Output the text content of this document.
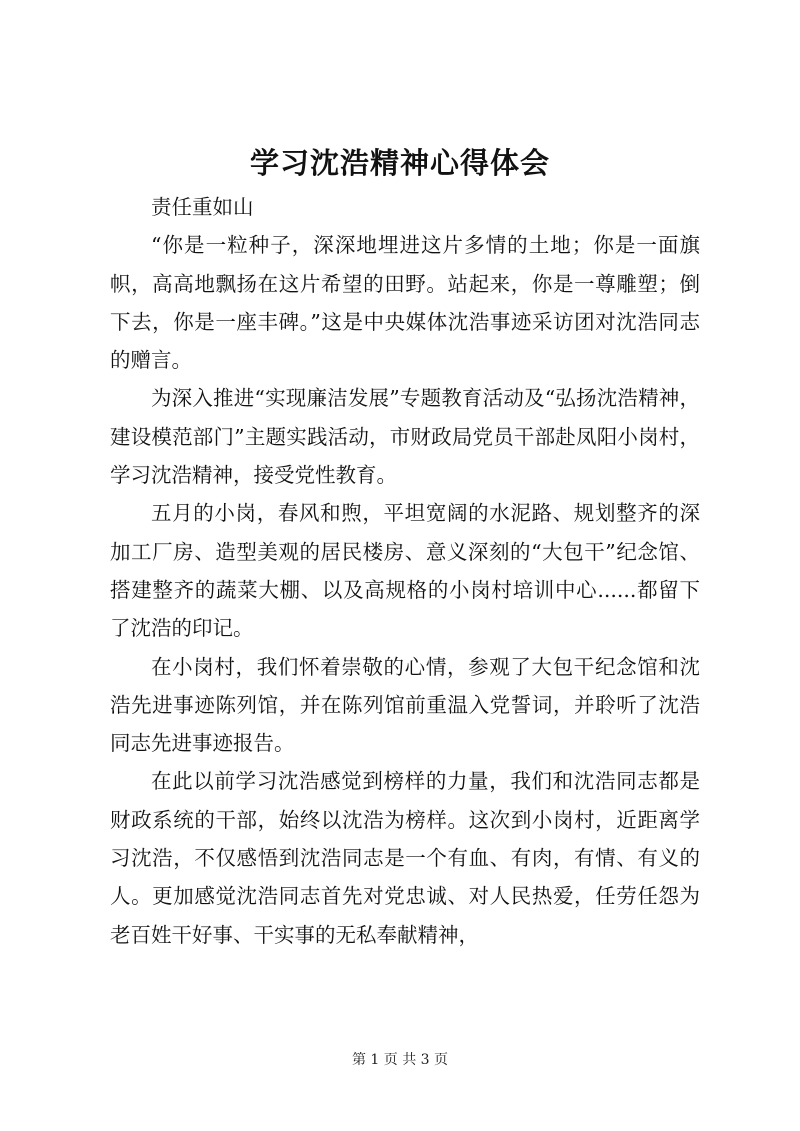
学习沈浩精神心得体会

责任重如山

“你是一粒种子，深深地埋进这片多情的土地；你是一面旗帜，高高地飘扬在这片希望的田野。站起来，你是一尊雕塑；倒下去，你是一座丰碑。”这是中央媒体沈浩事迹采访团对沈浩同志的赠言。

为深入推进“实现廉洁发展”专题教育活动及“弘扬沈浩精神，建设模范部门”主题实践活动，市财政局党员干部赴凤阳小岗村，学习沈浩精神，接受党性教育。

五月的小岗，春风和煦，平坦宽阔的水泥路、规划整齐的深加工厂房、造型美观的居民楼房、意义深刻的“大包干”纪念馆、搭建整齐的蔬菜大棚、以及高规格的小岗村培训中心......都留下了沈浩的印记。

在小岗村，我们怀着崇敬的心情，参观了大包干纪念馆和沈浩先进事迹陈列馆，并在陈列馆前重温入党誓词，并聆听了沈浩同志先进事迹报告。

在此以前学习沈浩感觉到榜样的力量，我们和沈浩同志都是财政系统的干部，始终以沈浩为榜样。这次到小岗村，近距离学习沈浩，不仅感悟到沈浩同志是一个有血、有肉，有情、有义的人。更加感觉沈浩同志首先对党忠诚、对人民热爱，任劳任怨为老百姓干好事、干实事的无私奉献精神，

第 1 页 共 3 页
